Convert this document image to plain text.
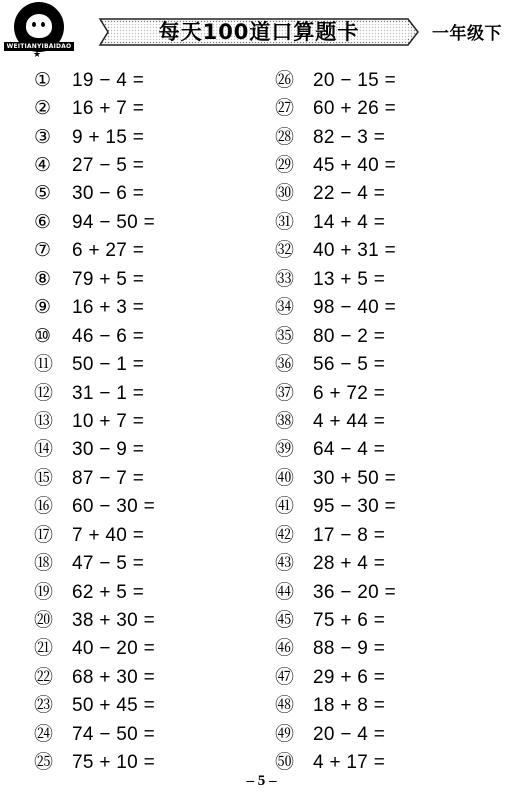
WEITIANYIBAIDAO
★
每天100道口算题卡	一年级下
①	19 − 4 =
②	16 + 7 =
③	9 + 15 =
④	27 − 5 =
⑤	30 − 6 =
⑥	94 − 50 =
⑦	6 + 27 =
⑧	79 + 5 =
⑨	16 + 3 =
⑩	46 − 6 =
⑪ 50 − 1 =
⑫ 31 − 1 =
⑬ 10 + 7 =
⑭ 30 − 9 =
⑮ 87 − 7 =
⑯ 60 − 30 =
⑰ 7 + 40 =
⑱ 47 − 5 =
⑲ 62 + 5 =
⑳ 38 + 30 =
㉑ 40 − 20 =
㉒ 68 + 30 =
㉓ 50 + 45 =
㉔ 74 − 50 =
㉕ 75 + 10 =
㉖ 20 − 15 =
㉗ 60 + 26 =
㉘ 82 − 3 =
㉙ 45 + 40 =
㉚ 22 − 4 =
㉛ 14 + 4 =
㉜ 40 + 31 =
㉝ 13 + 5 =
㉞ 98 − 40 =
㉟ 80 − 2 =
㊱ 56 − 5 =
㊲ 6 + 72 =
㊳ 4 + 44 =
㊴ 64 − 4 =
㊵ 30 + 50 =
㊶ 95 − 30 =
㊷ 17 − 8 =
㊸ 28 + 4 =
㊹ 36 − 20 =
㊺ 75 + 6 =
㊻ 88 − 9 =
㊼ 29 + 6 =
㊽ 18 + 8 =
㊾ 20 − 4 =
㊿ 4 + 17 =
– 5 –
